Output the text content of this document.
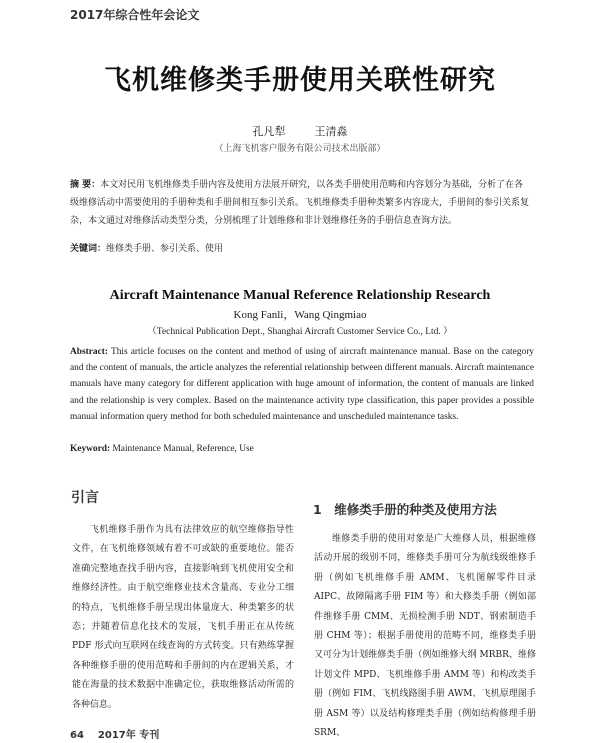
2017年综合性年会论文
飞机维修类手册使用关联性研究
孔凡犁	王清淼
（上海飞机客户服务有限公司技术出版部）
摘 要：本文对民用飞机维修类手册内容及使用方法展开研究，以各类手册使用范畴和内容划分为基础，分析了在各级维修活动中需要使用的手册种类和手册间相互参引关系。飞机维修类手册种类繁多内容庞大，手册间的参引关系复杂，本文通过对维修活动类型分类，分别梳理了计划维修和非计划维修任务的手册信息查询方法。
关键词：维修类手册、参引关系、使用
Aircraft Maintenance Manual Reference Relationship Research
Kong Fanli，Wang Qingmiao
（Technical Publication Dept., Shanghai Aircraft Customer Service Co., Ltd. ）
Abstract: This article focuses on the content and method of using of aircraft maintenance manual. Base on the category and the content of manuals, the article analyzes the referential relationship between different manuals. Aircraft maintenance manuals have many category for different application with huge amount of information, the content of manuals are linked and the relationship is very complex. Based on the maintenance activity type classification, this paper provides a possible manual information query method for both scheduled maintenance and unscheduled maintenance tasks.
Keyword: Maintenance Manual, Reference, Use
引言
飞机维修手册作为具有法律效应的航空维修指导性文件，在飞机维修领域有着不可或缺的重要地位。能否准确完整地查找手册内容，直接影响到飞机使用安全和维修经济性。由于航空维修业技术含量高、专业分工细的特点，飞机维修手册呈现出体量庞大、种类繁多的状态；并随着信息化技术的发展，飞机手册正在从传统 PDF 形式向互联网在线查询的方式转变。只有熟练掌握各种维修手册的使用范畴和手册间的内在逻辑关系，才能在海量的技术数据中准确定位，获取维修活动所需的各种信息。
1　维修类手册的种类及使用方法
维修类手册的使用对象是广大维修人员，根据维修活动开展的级别不同，维修类手册可分为航线级维修手册（例如飞机维修手册 AMM、飞机图解零件目录 AIPC、故障隔离手册 FIM 等）和大修类手册（例如部件维修手册 CMM、无损检测手册 NDT、钢索制造手册 CHM 等）；根据手册使用的范畴不同，维修类手册又可分为计划维修类手册（例如维修大纲 MRBR、维修计划文件 MPD、飞机维修手册 AMM 等）和构改类手册（例如 FIM、飞机线路图手册 AWM、飞机原理图手册 ASM 等）以及结构修理类手册（例如结构修理手册 SRM、
64 2017年 专刊
